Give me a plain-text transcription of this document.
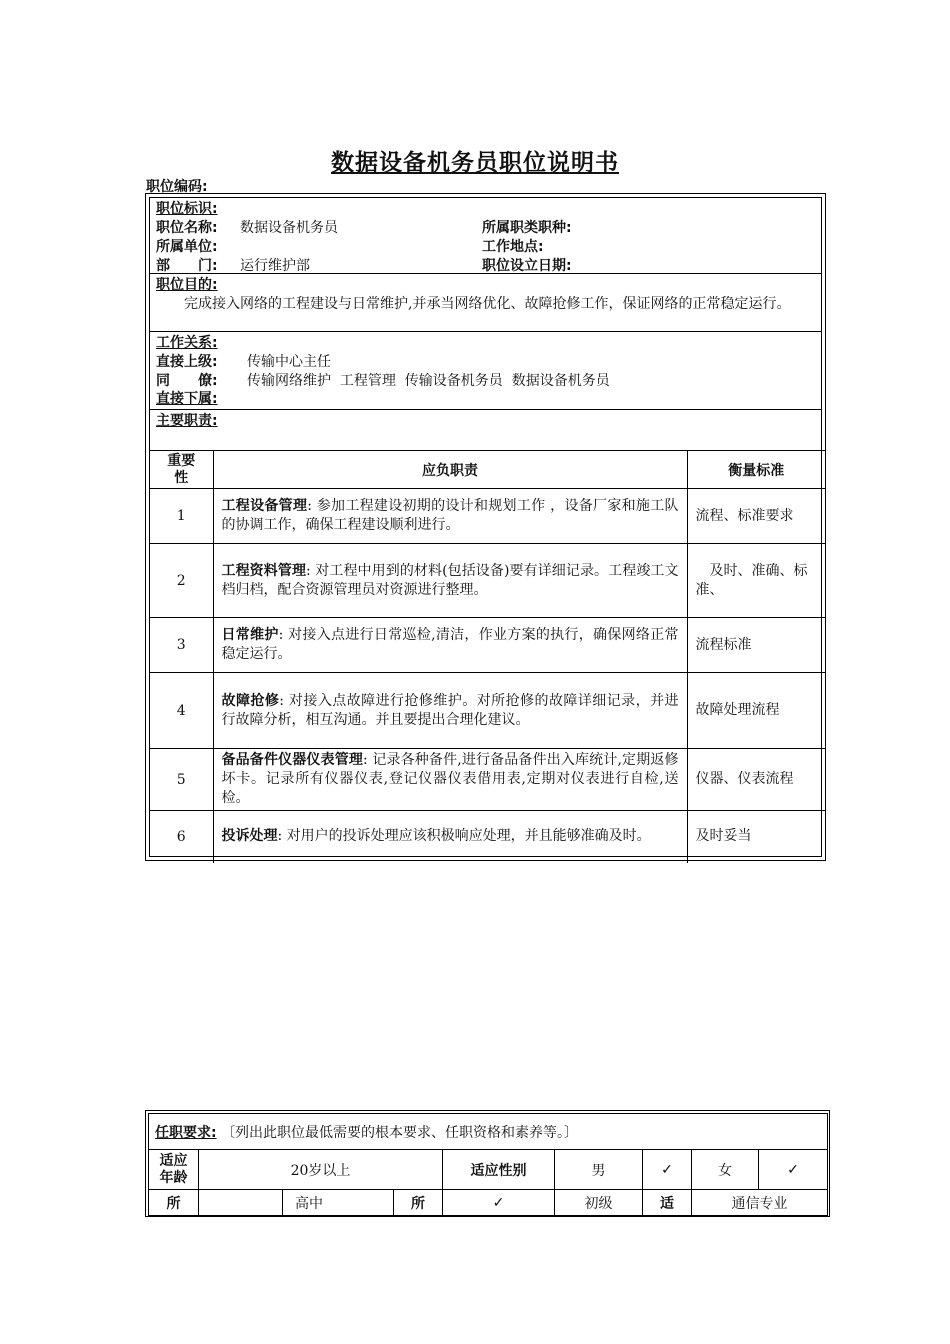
数据设备机务员职位说明书
职位编码:
职位标识:
职位名称: 数据设备机务员	所属职类职种:
所属单位:	工作地点:
部　　门: 运行维护部	职位设立日期:
职位目的:
完成接入网络的工程建设与日常维护,并承当网络优化、故障抢修工作，保证网络的正常稳定运行。
工作关系:
直接上级: 传输中心主任
同　　僚: 传输网络维护  工程管理  传输设备机务员  数据设备机务员
直接下属:
主要职责:
重要性	应负职责	衡量标准
1	工程设备管理: 参加工程建设初期的设计和规划工作 ，设备厂家和施工队的协调工作，确保工程建设顺利进行。	流程、标准要求
2	工程资料管理: 对工程中用到的材料(包括设备)要有详细记录。工程竣工文档归档，配合资源管理员对资源进行整理。	　及时、准确、标准、
3	日常维护: 对接入点进行日常巡检,清洁，作业方案的执行，确保网络正常稳定运行。	流程标准
4	故障抢修: 对接入点故障进行抢修维护。对所抢修的故障详细记录，并进行故障分析，相互沟通。并且要提出合理化建议。	故障处理流程
5	备品备件仪器仪表管理: 记录各种备件,进行备品备件出入库统计,定期返修坏卡。记录所有仪器仪表,登记仪器仪表借用表,定期对仪表进行自检,送检。	仪器、仪表流程
6	投诉处理: 对用户的投诉处理应该积极响应处理，并且能够准确及时。	及时妥当
任职要求: 〔列出此职位最低需要的根本要求、任职资格和素养等。〕								
适应年龄	20岁以上			适应性别	男	✓	女	✓
所		高中	所	✓	初级	适	通信专业	
